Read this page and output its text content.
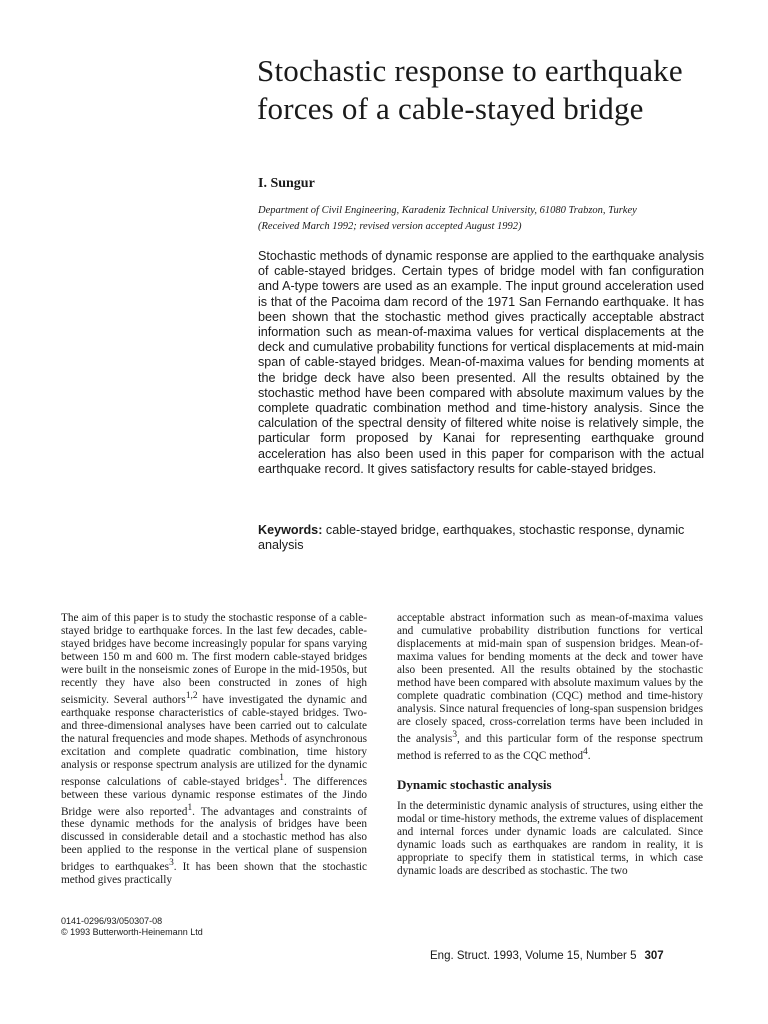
Stochastic response to earthquake forces of a cable-stayed bridge
I. Sungur
Department of Civil Engineering, Karadeniz Technical University, 61080 Trabzon, Turkey
(Received March 1992; revised version accepted August 1992)

Stochastic methods of dynamic response are applied to the earthquake analysis of cable-stayed bridges. Certain types of bridge model with fan configuration and A-type towers are used as an example. The input ground acceleration used is that of the Pacoima dam record of the 1971 San Fernando earthquake. It has been shown that the stochastic method gives practically acceptable abstract information such as mean-of-maxima values for vertical displacements at the deck and cumulative probability functions for vertical displacements at mid-main span of cable-stayed bridges. Mean-of-maxima values for bending moments at the bridge deck have also been presented. All the results obtained by the stochastic method have been compared with absolute maximum values by the complete quadratic combination method and time-history analysis. Since the calculation of the spectral density of filtered white noise is relatively simple, the particular form proposed by Kanai for representing earthquake ground acceleration has also been used in this paper for comparison with the actual earthquake record. It gives satisfactory results for cable-stayed bridges.

Keywords: cable-stayed bridge, earthquakes, stochastic response, dynamic analysis

The aim of this paper is to study the stochastic response of a cable-stayed bridge to earthquake forces. In the last few decades, cable-stayed bridges have become increasingly popular for spans varying between 150 m and 600 m. The first modern cable-stayed bridges were built in the nonseismic zones of Europe in the mid-1950s, but recently they have also been constructed in zones of high seismicity. Several authors$^{1,2}$ have investigated the dynamic and earthquake response characteristics of cable-stayed bridges. Two- and three-dimensional analyses have been carried out to calculate the natural frequencies and mode shapes. Methods of asynchronous excitation and complete quadratic combination, time history analysis or response spectrum analysis are utilized for the dynamic response calculations of cable-stayed bridges$^1$. The differences between these various dynamic response estimates of the Jindo Bridge were also reported$^1$. The advantages and constraints of these dynamic methods for the analysis of bridges have been discussed in considerable detail and a stochastic method has also been applied to the response in the vertical plane of suspension bridges to earthquakes$^3$. It has been shown that the stochastic method gives practically

0141-0296/93/050307-08
© 1993 Butterworth-Heinemann Ltd

acceptable abstract information such as mean-of-maxima values and cumulative probability distribution functions for vertical displacements at mid-main span of suspension bridges. Mean-of-maxima values for bending moments at the deck and tower have also been presented. All the results obtained by the stochastic method have been compared with absolute maximum values by the complete quadratic combination (CQC) method and time-history analysis. Since natural frequencies of long-span suspension bridges are closely spaced, cross-correlation terms have been included in the analysis$^3$, and this particular form of the response spectrum method is referred to as the CQC method$^4$.

Dynamic stochastic analysis

In the deterministic dynamic analysis of structures, using either the modal or time-history methods, the extreme values of displacement and internal forces under dynamic loads are calculated. Since dynamic loads such as earthquakes are random in reality, it is appropriate to specify them in statistical terms, in which case dynamic loads are described as stochastic. The two

Eng. Struct. 1993, Volume 15, Number 5 307
